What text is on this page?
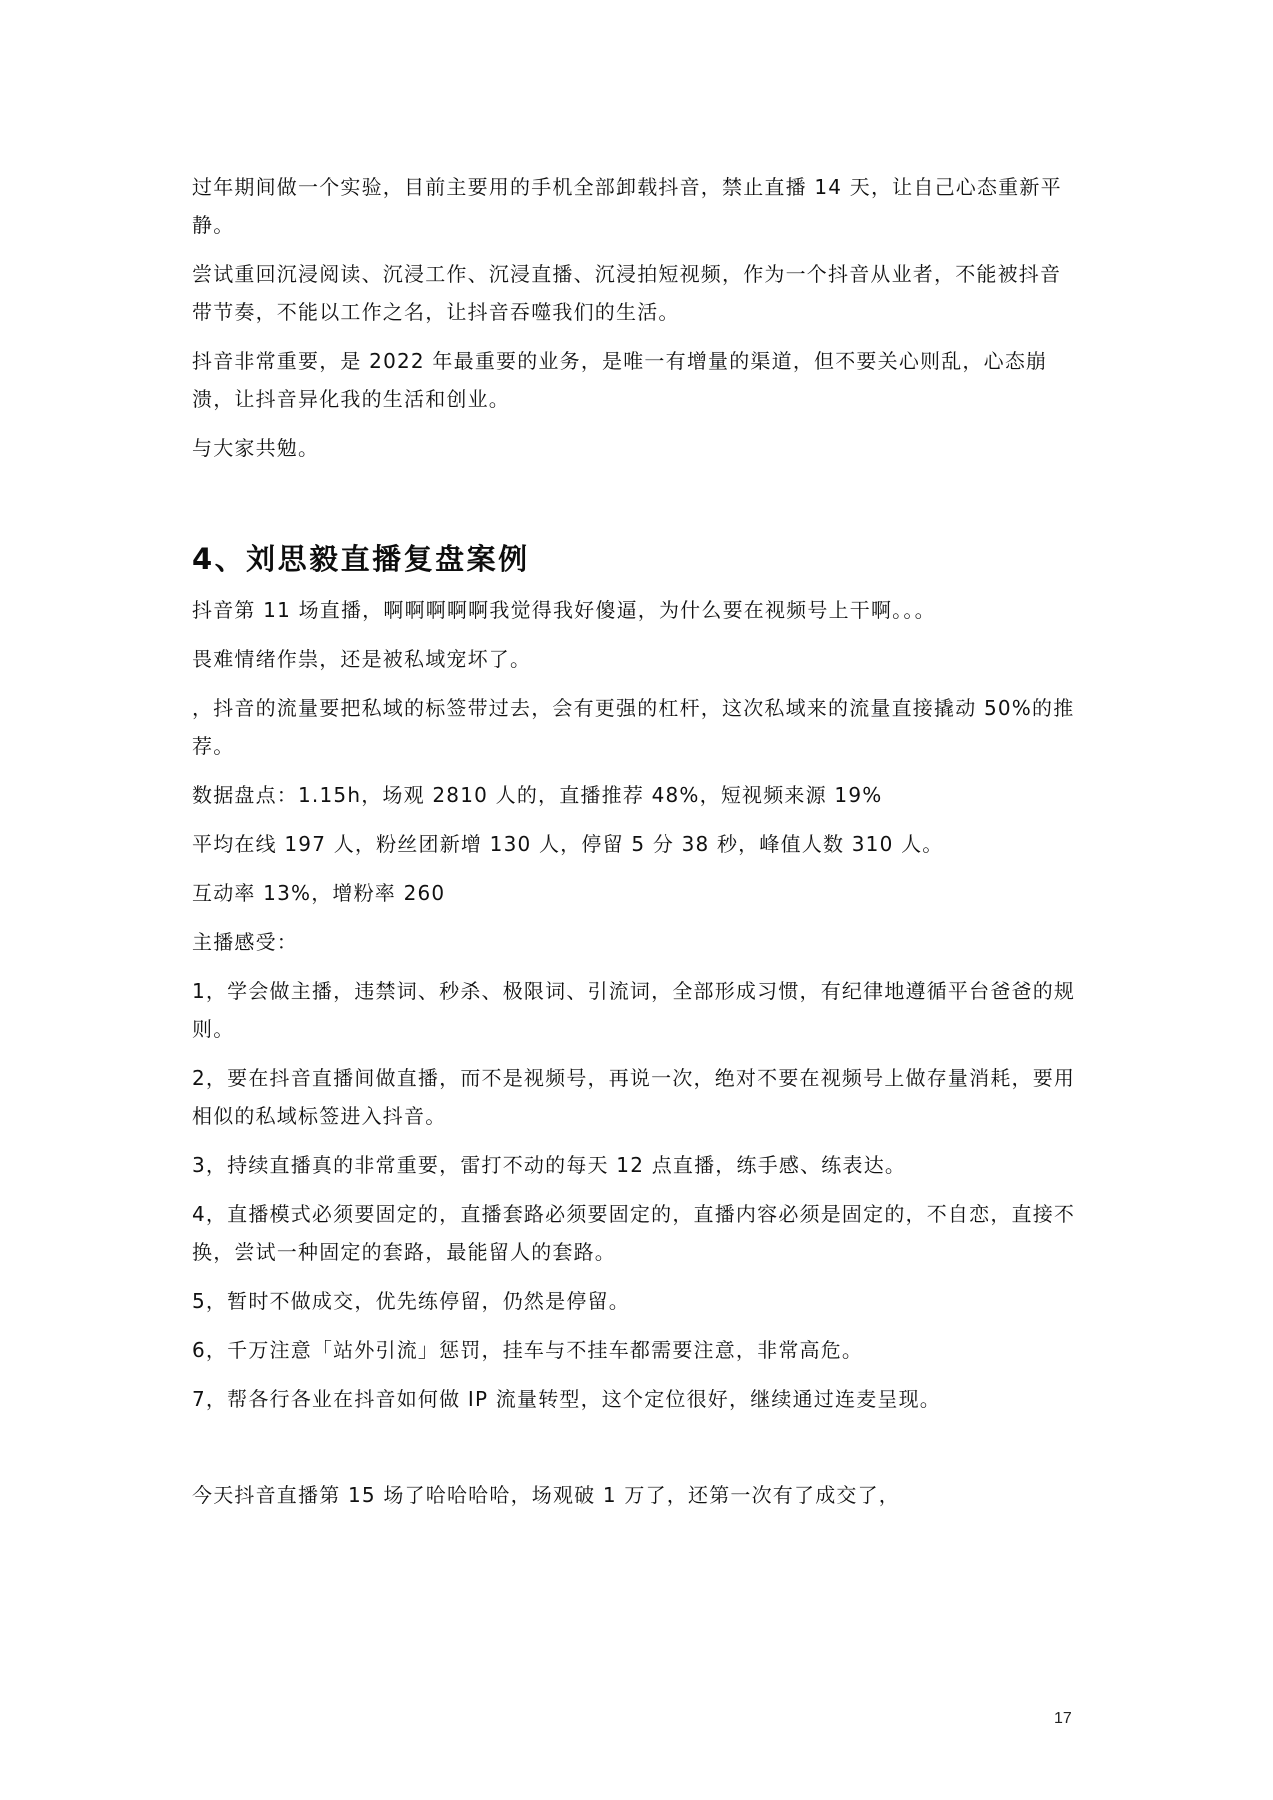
过年期间做一个实验，目前主要用的手机全部卸载抖音，禁止直播 14 天，让自己心态重新平静。

尝试重回沉浸阅读、沉浸工作、沉浸直播、沉浸拍短视频，作为一个抖音从业者，不能被抖音带节奏，不能以工作之名，让抖音吞噬我们的生活。

抖音非常重要，是 2022 年最重要的业务，是唯一有增量的渠道，但不要关心则乱，心态崩溃，让抖音异化我的生活和创业。

与大家共勉。

4、刘思毅直播复盘案例

抖音第 11 场直播，啊啊啊啊啊我觉得我好傻逼，为什么要在视频号上干啊。。。

畏难情绪作祟，还是被私域宠坏了。

，抖音的流量要把私域的标签带过去，会有更强的杠杆，这次私域来的流量直接撬动 50%的推荐。

数据盘点：1.15h，场观 2810 人的，直播推荐 48%，短视频来源 19%

平均在线 197 人，粉丝团新增 130 人，停留 5 分 38 秒，峰值人数 310 人。

互动率 13%，增粉率 260

主播感受：

1，学会做主播，违禁词、秒杀、极限词、引流词，全部形成习惯，有纪律地遵循平台爸爸的规则。

2，要在抖音直播间做直播，而不是视频号，再说一次，绝对不要在视频号上做存量消耗，要用相似的私域标签进入抖音。

3，持续直播真的非常重要，雷打不动的每天 12 点直播，练手感、练表达。

4，直播模式必须要固定的，直播套路必须要固定的，直播内容必须是固定的，不自恋，直接不换，尝试一种固定的套路，最能留人的套路。

5，暂时不做成交，优先练停留，仍然是停留。

6，千万注意「站外引流」惩罚，挂车与不挂车都需要注意，非常高危。

7，帮各行各业在抖音如何做 IP 流量转型，这个定位很好，继续通过连麦呈现。

今天抖音直播第 15 场了哈哈哈哈，场观破 1 万了，还第一次有了成交了，

17
